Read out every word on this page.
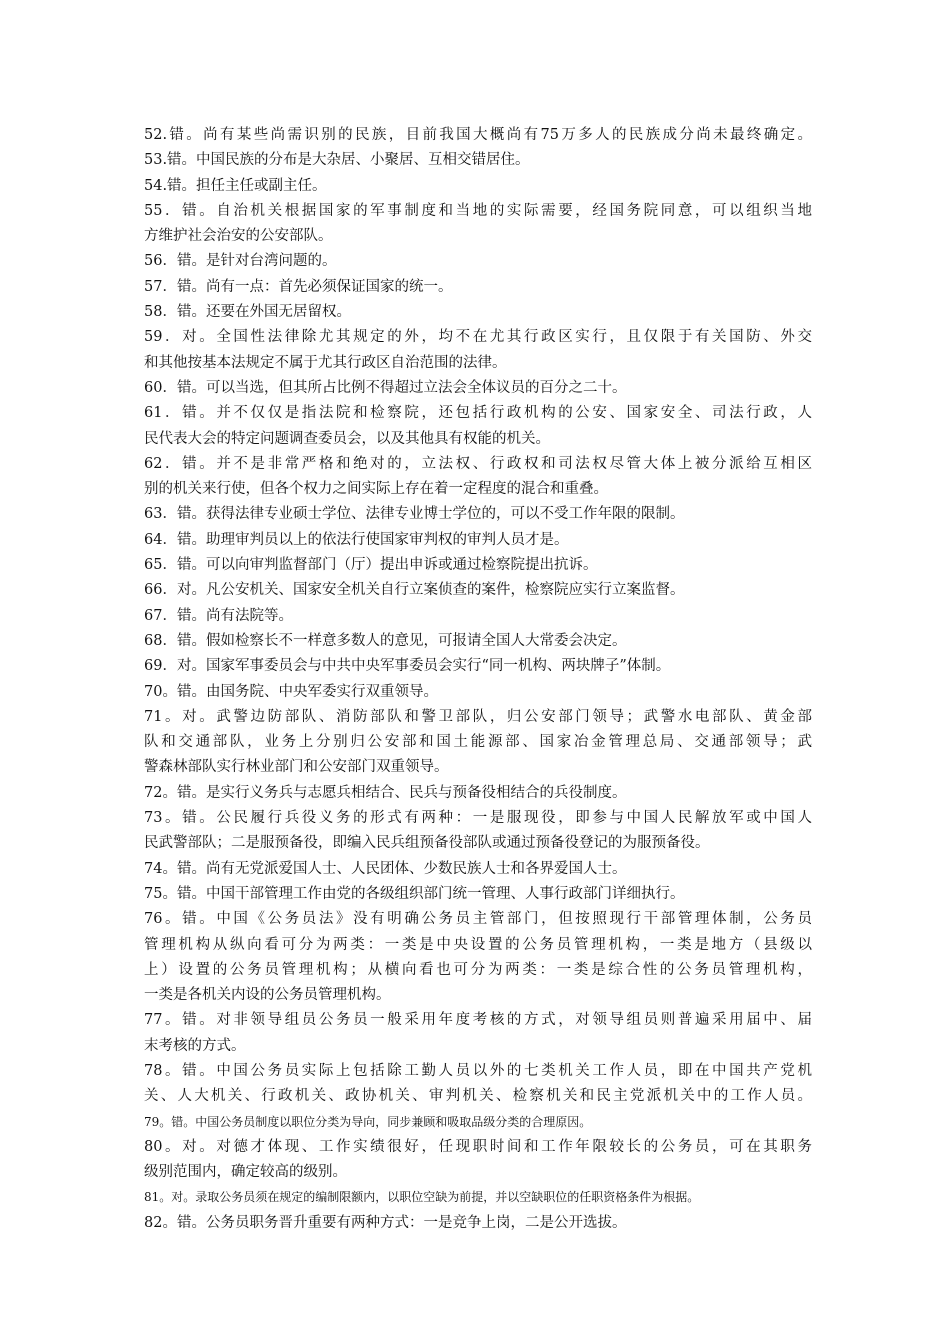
52.错。尚有某些尚需识别的民族，目前我国大概尚有75万多人的民族成分尚未最终确定。
53.错。中国民族的分布是大杂居、小聚居、互相交错居住。
54.错。担任主任或副主任。
55．错。自治机关根据国家的军事制度和当地的实际需要，经国务院同意，可以组织当地
方维护社会治安的公安部队。
56．错。是针对台湾问题的。
57．错。尚有一点：首先必须保证国家的统一。
58．错。还要在外国无居留权。
59．对。全国性法律除尤其规定的外，均不在尤其行政区实行，且仅限于有关国防、外交
和其他按基本法规定不属于尤其行政区自治范围的法律。
60．错。可以当选，但其所占比例不得超过立法会全体议员的百分之二十。
61．错。并不仅仅是指法院和检察院，还包括行政机构的公安、国家安全、司法行政，人
民代表大会的特定问题调查委员会，以及其他具有权能的机关。
62．错。并不是非常严格和绝对的，立法权、行政权和司法权尽管大体上被分派给互相区
别的机关来行使，但各个权力之间实际上存在着一定程度的混合和重叠。
63．错。获得法律专业硕士学位、法律专业博士学位的，可以不受工作年限的限制。
64．错。助理审判员以上的依法行使国家审判权的审判人员才是。
65．错。可以向审判监督部门（厅）提出申诉或通过检察院提出抗诉。
66．对。凡公安机关、国家安全机关自行立案侦查的案件，检察院应实行立案监督。
67．错。尚有法院等。
68．错。假如检察长不一样意多数人的意见，可报请全国人大常委会决定。
69．对。国家军事委员会与中共中央军事委员会实行“同一机构、两块牌子”体制。
70。错。由国务院、中央军委实行双重领导。
71。对。武警边防部队、消防部队和警卫部队，归公安部门领导；武警水电部队、黄金部
队和交通部队，业务上分别归公安部和国土能源部、国家冶金管理总局、交通部领导；武
警森林部队实行林业部门和公安部门双重领导。
72。错。是实行义务兵与志愿兵相结合、民兵与预备役相结合的兵役制度。
73。错。公民履行兵役义务的形式有两种：一是服现役，即参与中国人民解放军或中国人
民武警部队；二是服预备役，即编入民兵组预备役部队或通过预备役登记的为服预备役。
74。错。尚有无党派爱国人士、人民团体、少数民族人士和各界爱国人士。
75。错。中国干部管理工作由党的各级组织部门统一管理、人事行政部门详细执行。
76。错。中国《公务员法》没有明确公务员主管部门，但按照现行干部管理体制，公务员
管理机构从纵向看可分为两类：一类是中央设置的公务员管理机构，一类是地方（县级以
上）设置的公务员管理机构；从横向看也可分为两类：一类是综合性的公务员管理机构，
一类是各机关内设的公务员管理机构。
77。错。对非领导组员公务员一般采用年度考核的方式，对领导组员则普遍采用届中、届
末考核的方式。
78。错。中国公务员实际上包括除工勤人员以外的七类机关工作人员，即在中国共产党机
关、人大机关、行政机关、政协机关、审判机关、检察机关和民主党派机关中的工作人员。
79。错。中国公务员制度以职位分类为导向，同步兼顾和吸取品级分类的合理原因。
80。对。对德才体现、工作实绩很好，任现职时间和工作年限较长的公务员，可在其职务
级别范围内，确定较高的级别。
81。对。录取公务员须在规定的编制限额内，以职位空缺为前提，并以空缺职位的任职资格条件为根据。
82。错。公务员职务晋升重要有两种方式：一是竞争上岗，二是公开选拔。
